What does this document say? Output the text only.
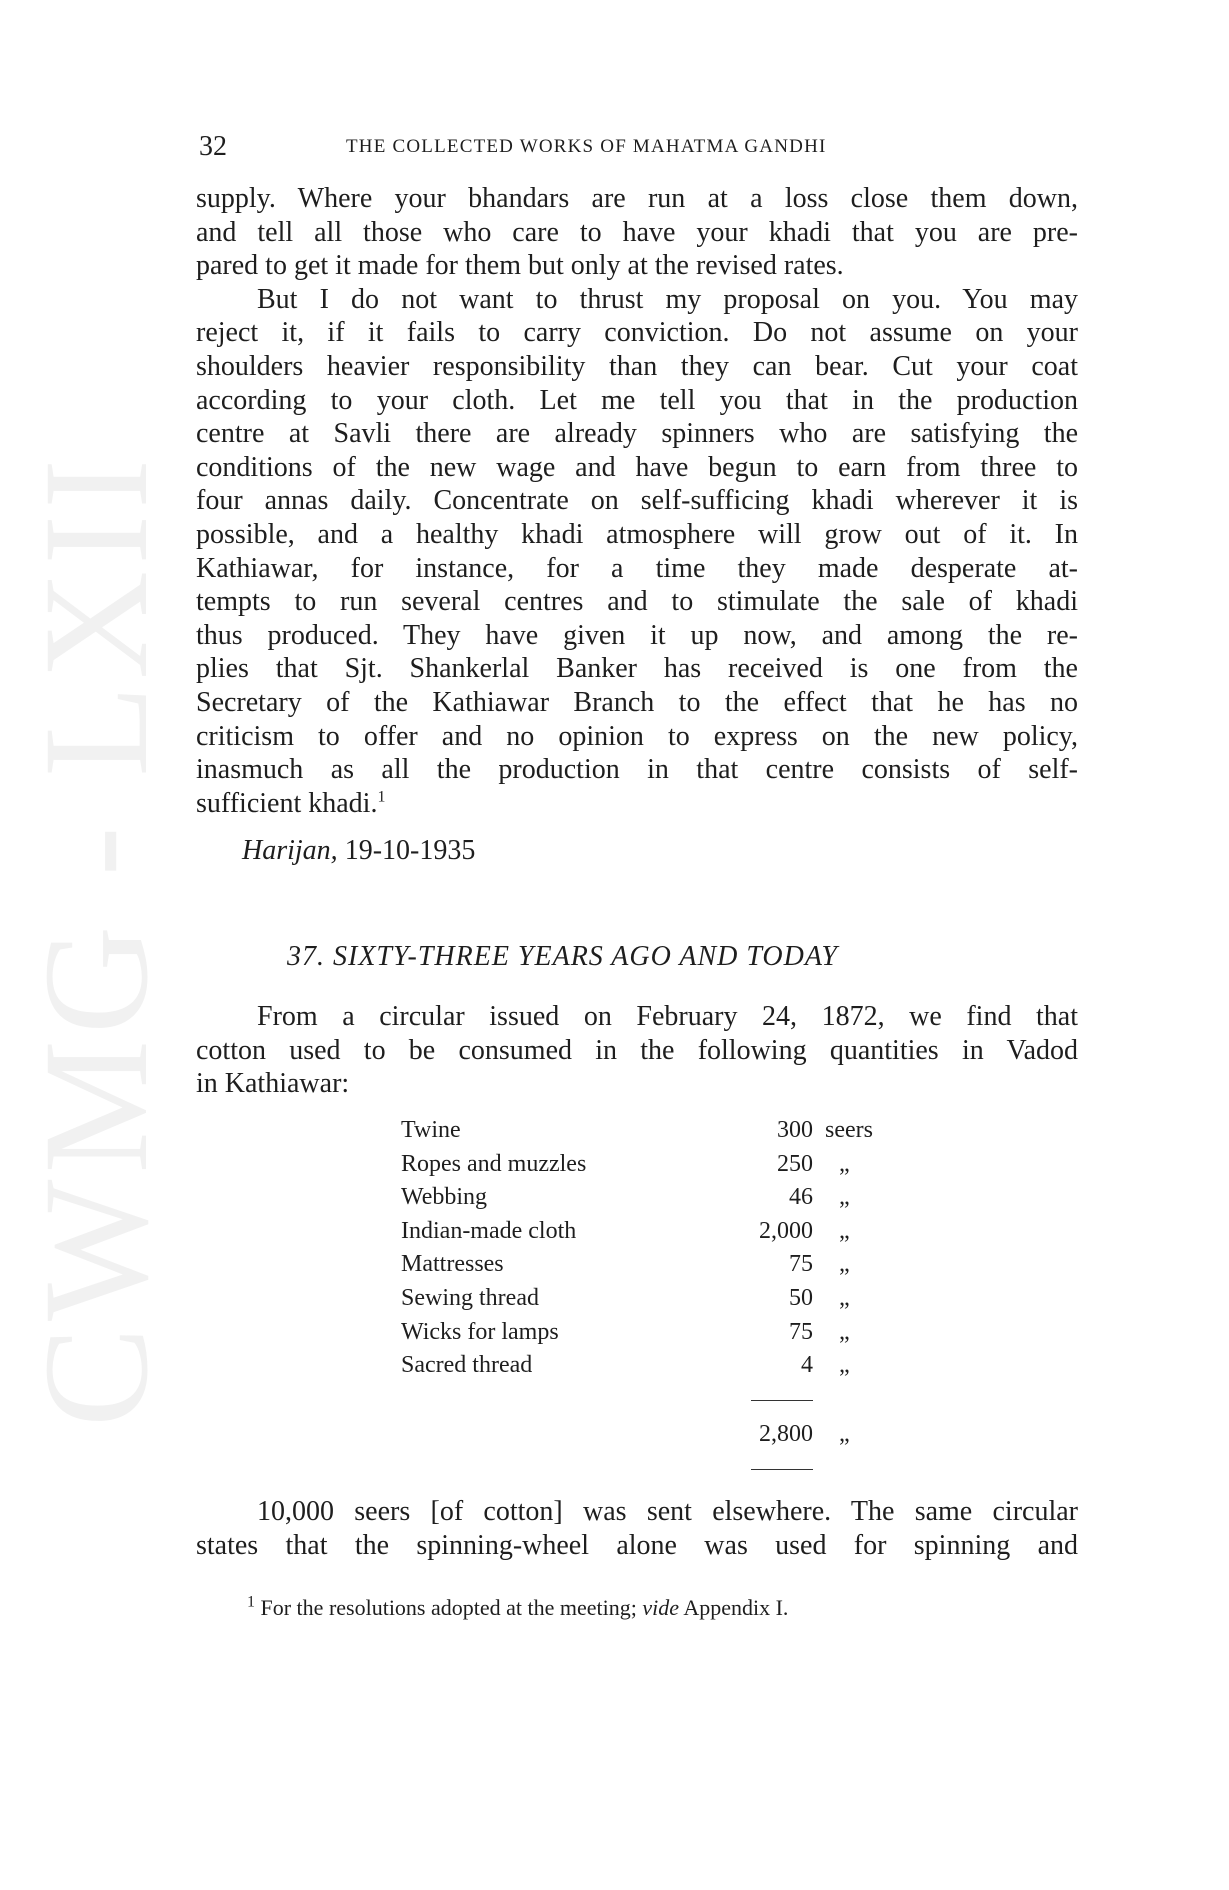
CWMG - LXII
32	THE COLLECTED WORKS OF MAHATMA GANDHI
supply. Where your bhandars are run at a loss close them down,
and tell all those who care to have your khadi that you are pre-
pared to get it made for them but only at the revised rates.
But I do not want to thrust my proposal on you. You may
reject it, if it fails to carry conviction. Do not assume on your
shoulders heavier responsibility than they can bear. Cut your coat
according to your cloth. Let me tell you that in the production
centre at Savli there are already spinners who are satisfying the
conditions of the new wage and have begun to earn from three to
four annas daily. Concentrate on self-sufficing khadi wherever it is
possible, and a healthy khadi atmosphere will grow out of it. In
Kathiawar, for instance, for a time they made desperate at-
tempts to run several centres and to stimulate the sale of khadi
thus produced. They have given it up now, and among the re-
plies that Sjt. Shankerlal Banker has received is one from the
Secretary of the Kathiawar Branch to the effect that he has no
criticism to offer and no opinion to express on the new policy,
inasmuch as all the production in that centre consists of self-
sufficient khadi.$^1$
From a circular issued on February 24, 1872, we find that
cotton used to be consumed in the following quantities in Vadod
in Kathiawar:
10,000 seers [of cotton] was sent elsewhere. The same circular
states that the spinning-wheel alone was used for spinning and
Harijan, 19-10-1935
37. SIXTY-THREE YEARS AGO AND TODAY
Twine	300 seers
Ropes and muzzles	250 „
Webbing	46 „
Indian-made cloth	2,000 „
Mattresses	75 „
Sewing thread	50 „
Wicks for lamps	75 „
Sacred thread	4 „
2,800 „
$^1$ For the resolutions adopted at the meeting; vide Appendix I.
